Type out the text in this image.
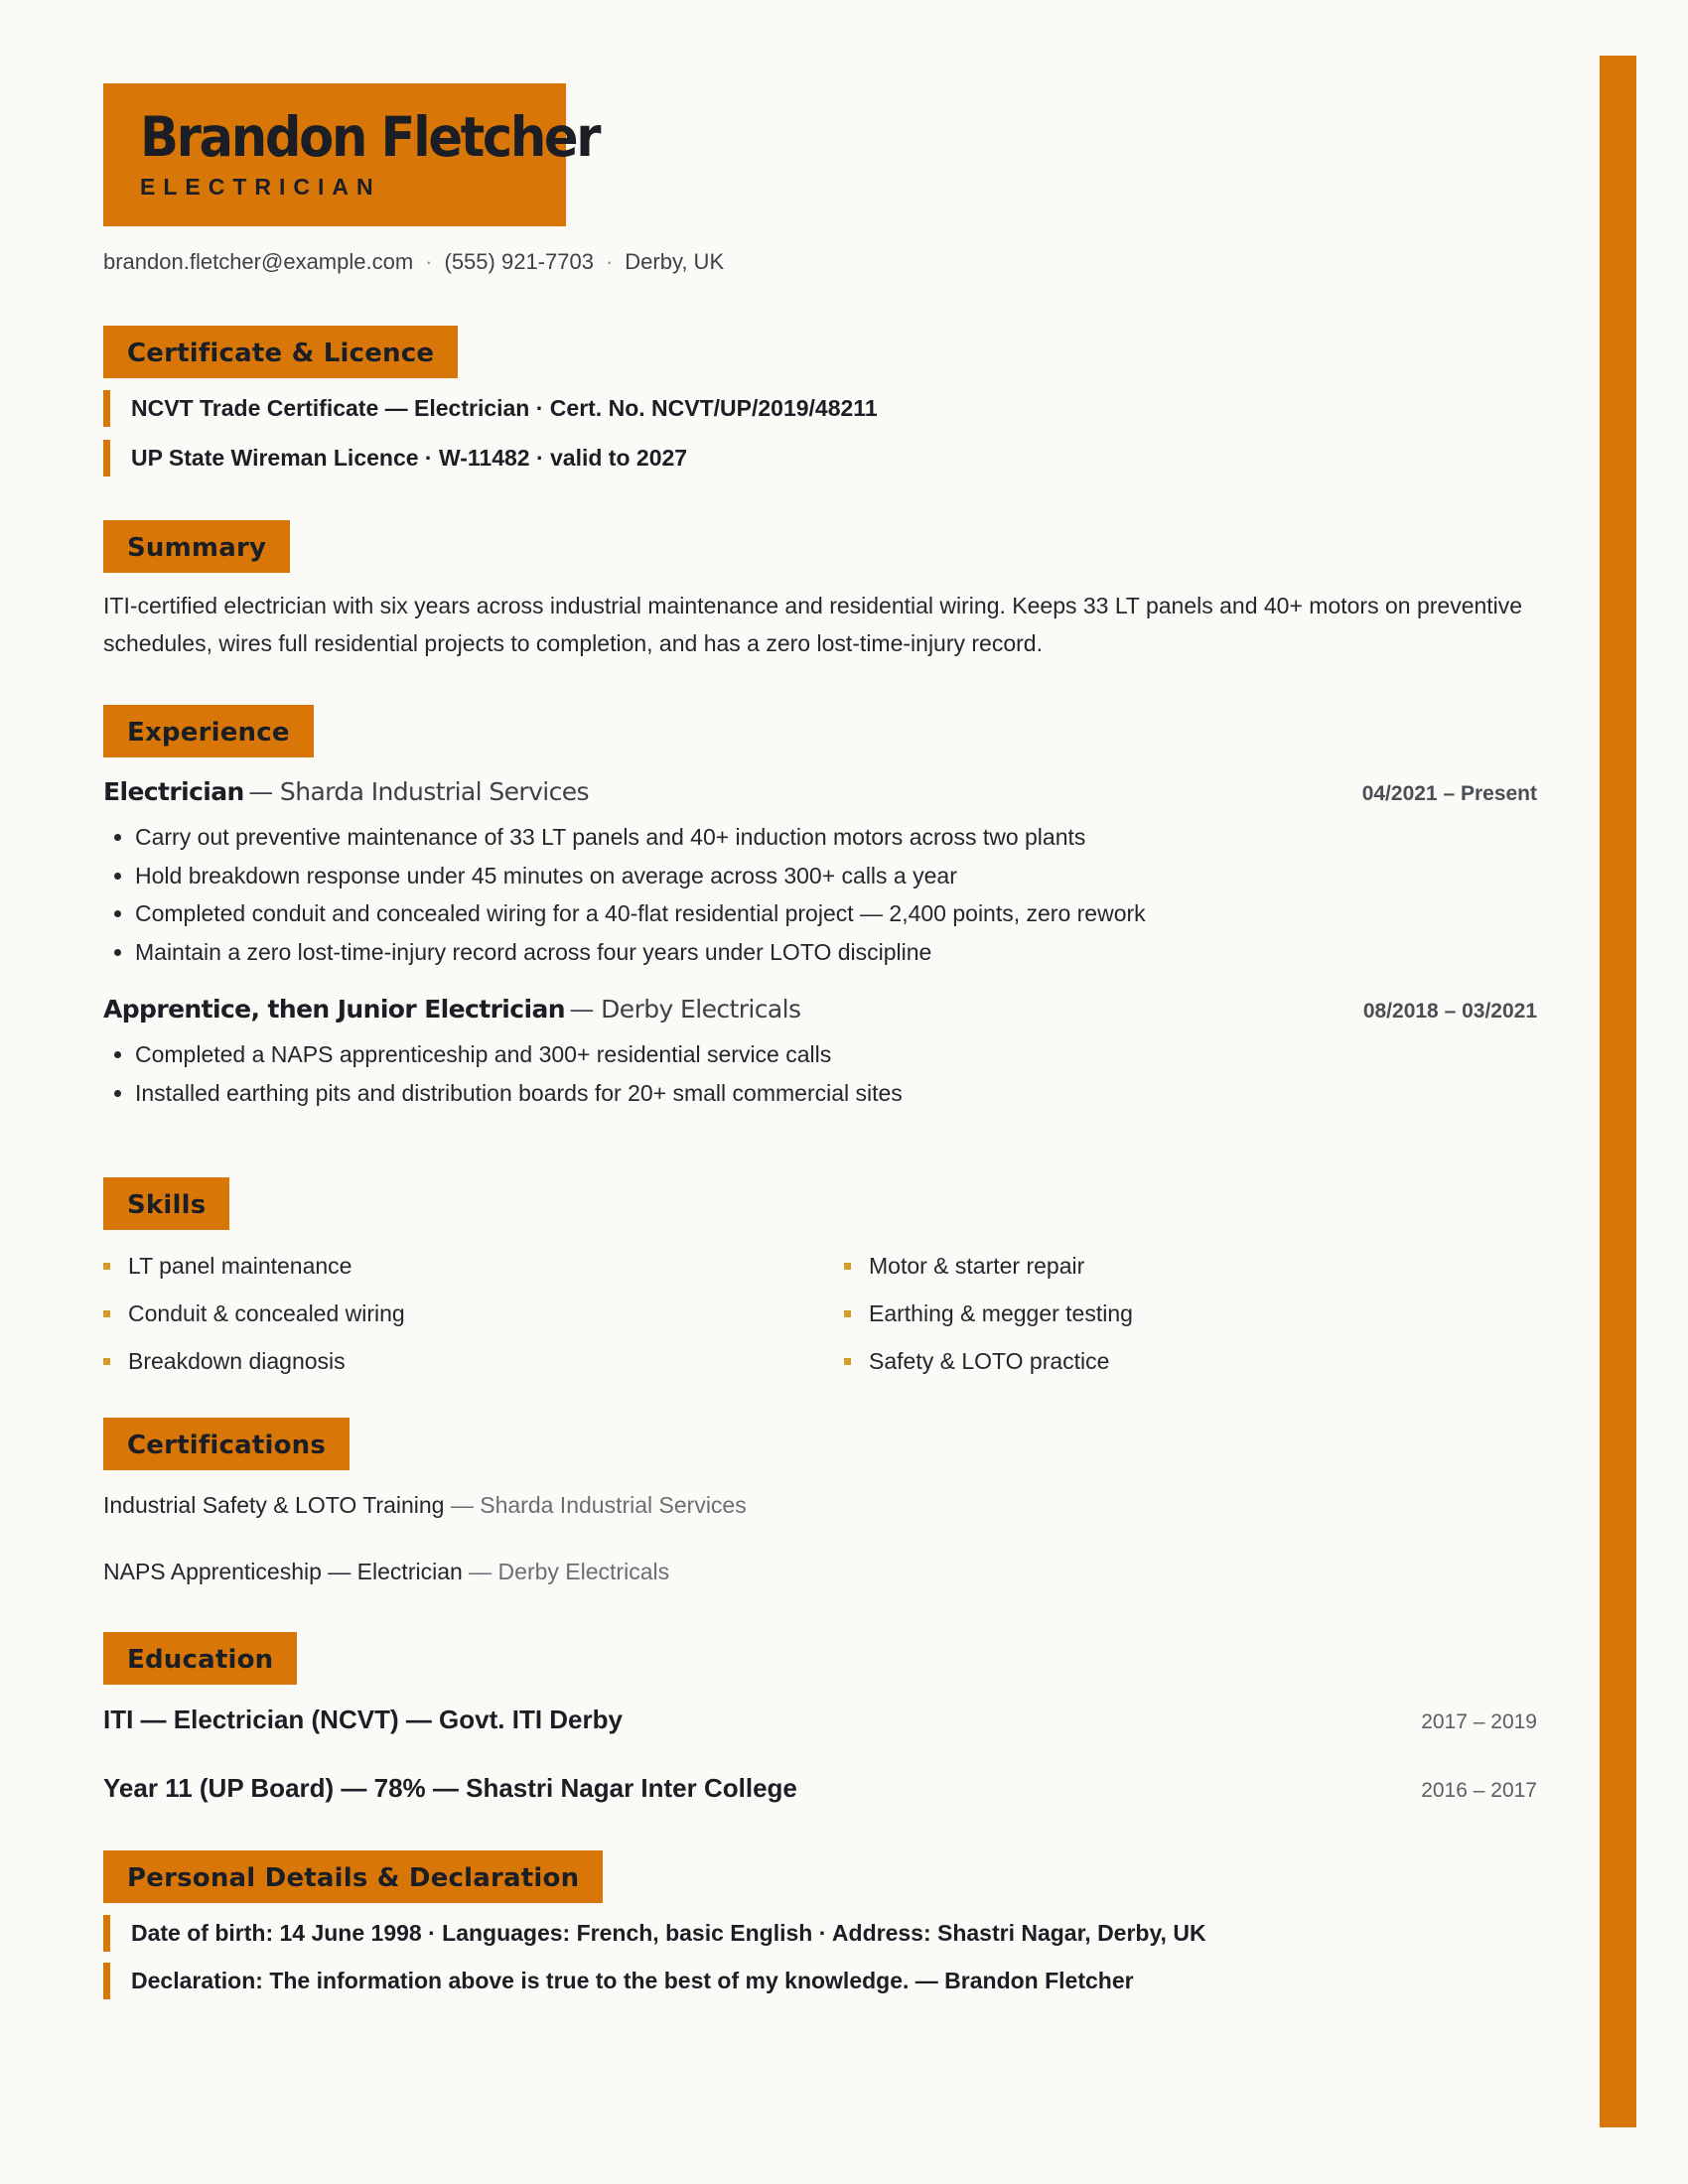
Brandon Fletcher
ELECTRICIAN
brandon.fletcher@example.com · (555) 921-7703 · Derby, UK
Certificate & Licence
NCVT Trade Certificate — Electrician · Cert. No. NCVT/UP/2019/48211
UP State Wireman Licence · W-11482 · valid to 2027
Summary
ITI-certified electrician with six years across industrial maintenance and residential wiring. Keeps 33 LT panels and 40+ motors on preventive schedules, wires full residential projects to completion, and has a zero lost-time-injury record.
Experience
Electrician — Sharda Industrial Services	04/2021 – Present
• Carry out preventive maintenance of 33 LT panels and 40+ induction motors across two plants
• Hold breakdown response under 45 minutes on average across 300+ calls a year
• Completed conduit and concealed wiring for a 40-flat residential project — 2,400 points, zero rework
• Maintain a zero lost-time-injury record across four years under LOTO discipline
Apprentice, then Junior Electrician — Derby Electricals	08/2018 – 03/2021
• Completed a NAPS apprenticeship and 300+ residential service calls
• Installed earthing pits and distribution boards for 20+ small commercial sites
Skills
LT panel maintenance	Motor & starter repair
Conduit & concealed wiring	Earthing & megger testing
Breakdown diagnosis	Safety & LOTO practice
Certifications
Industrial Safety & LOTO Training — Sharda Industrial Services
NAPS Apprenticeship — Electrician — Derby Electricals
Education
ITI — Electrician (NCVT) — Govt. ITI Derby	2017 – 2019
Year 11 (UP Board) — 78% — Shastri Nagar Inter College	2016 – 2017
Personal Details & Declaration
Date of birth: 14 June 1998 · Languages: French, basic English · Address: Shastri Nagar, Derby, UK
Declaration: The information above is true to the best of my knowledge. — Brandon Fletcher
